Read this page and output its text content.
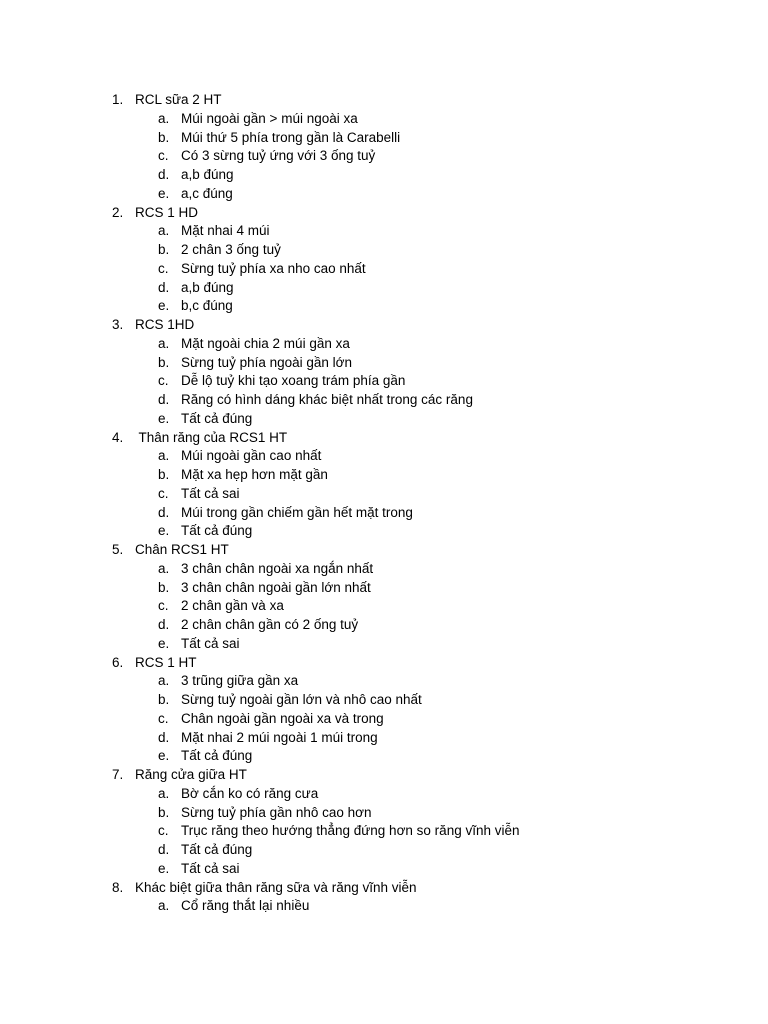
1. RCL sữa 2 HT
a. Múi ngoài gần > múi ngoài xa
b. Múi thứ 5 phía trong gần là Carabelli
c. Có 3 sừng tuỷ ứng với 3 ống tuỷ
d. a,b đúng
e. a,c đúng
2. RCS 1 HD
a. Mặt nhai 4 múi
b. 2 chân 3 ống tuỷ
c. Sừng tuỷ phía xa nho cao nhất
d. a,b đúng
e. b,c đúng
3. RCS 1HD
a. Mặt ngoài chia 2 múi gần xa
b. Sừng tuỷ phía ngoài gần lớn
c. Dễ lộ tuỷ khi tạo xoang trám phía gần
d. Răng có hình dáng khác biệt nhất trong các răng
e. Tất cả đúng
4. Thân răng của RCS1 HT
a. Múi ngoài gần cao nhất
b. Mặt xa hẹp hơn mặt gần
c. Tất cả sai
d. Múi trong gần chiếm gần hết mặt trong
e. Tất cả đúng
5. Chân RCS1 HT
a. 3 chân chân ngoài xa ngắn nhất
b. 3 chân chân ngoài gần lớn nhất
c. 2 chân gần và xa
d. 2 chân chân gần có 2 ống tuỷ
e. Tất cả sai
6. RCS 1 HT
a. 3 trũng giữa gần xa
b. Sừng tuỷ ngoài gần lớn và nhô cao nhất
c. Chân ngoài gần ngoài xa và trong
d. Mặt nhai 2 múi ngoài 1 múi trong
e. Tất cả đúng
7. Răng cửa giữa HT
a. Bờ cắn ko có răng cưa
b. Sừng tuỷ phía gần nhô cao hơn
c. Trục răng theo hướng thẳng đứng hơn so răng vĩnh viễn
d. Tất cả đúng
e. Tất cả sai
8. Khác biệt giữa thân răng sữa và răng vĩnh viễn
a. Cổ răng thắt lại nhiều
